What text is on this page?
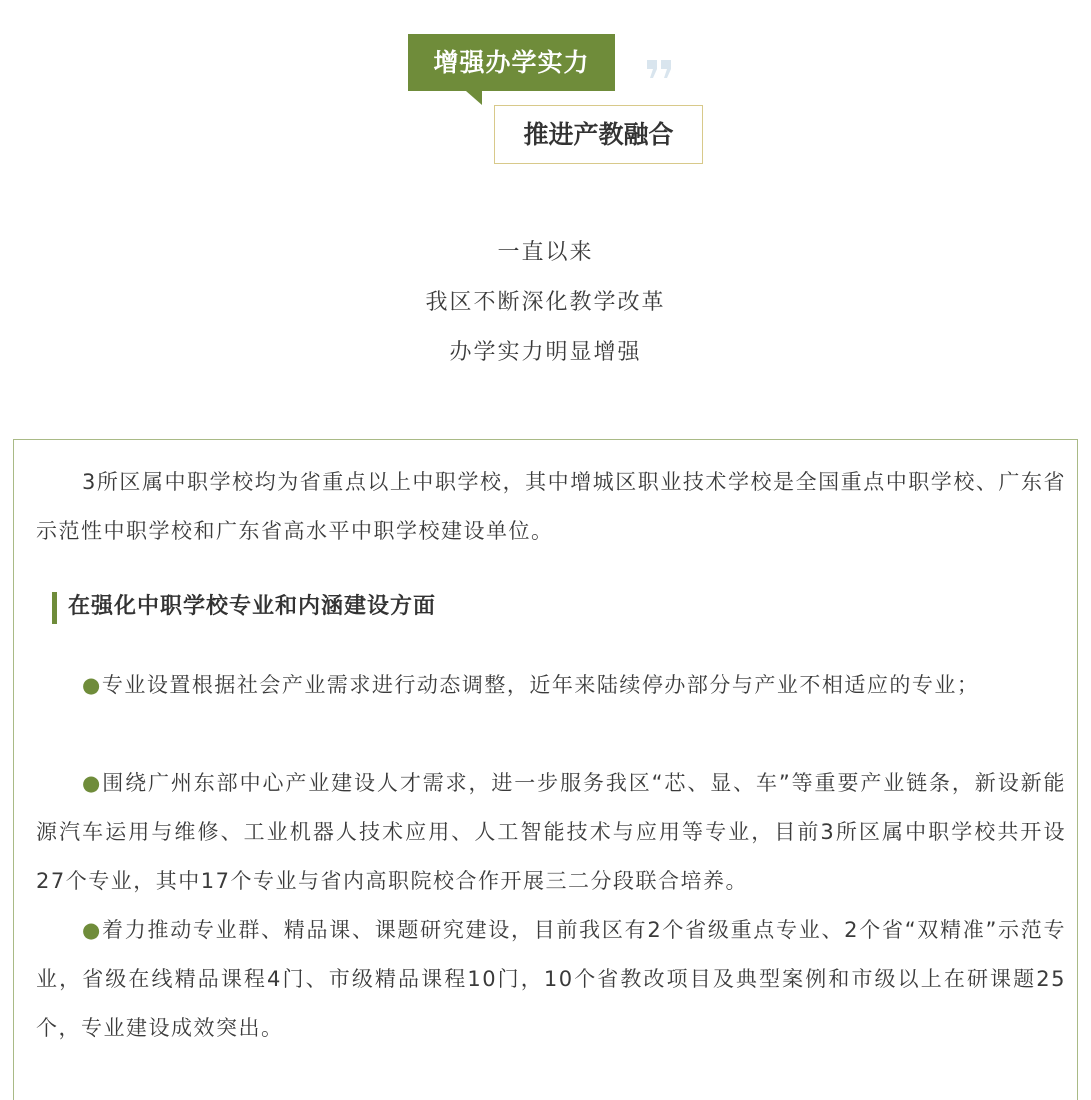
增强办学实力
推进产教融合
一直以来
我区不断深化教学改革
办学实力明显增强
3所区属中职学校均为省重点以上中职学校，其中增城区职业技术学校是全国重点中职学校、广东省示范性中职学校和广东省高水平中职学校建设单位。
在强化中职学校专业和内涵建设方面
●专业设置根据社会产业需求进行动态调整，近年来陆续停办部分与产业不相适应的专业；
●围绕广州东部中心产业建设人才需求，进一步服务我区“芯、显、车”等重要产业链条，新设新能源汽车运用与维修、工业机器人技术应用、人工智能技术与应用等专业，目前3所区属中职学校共开设27个专业，其中17个专业与省内高职院校合作开展三二分段联合培养。
●着力推动专业群、精品课、课题研究建设，目前我区有2个省级重点专业、2个省“双精准”示范专业，省级在线精品课程4门、市级精品课程10门，10个省教改项目及典型案例和市级以上在研课题25个，专业建设成效突出。
